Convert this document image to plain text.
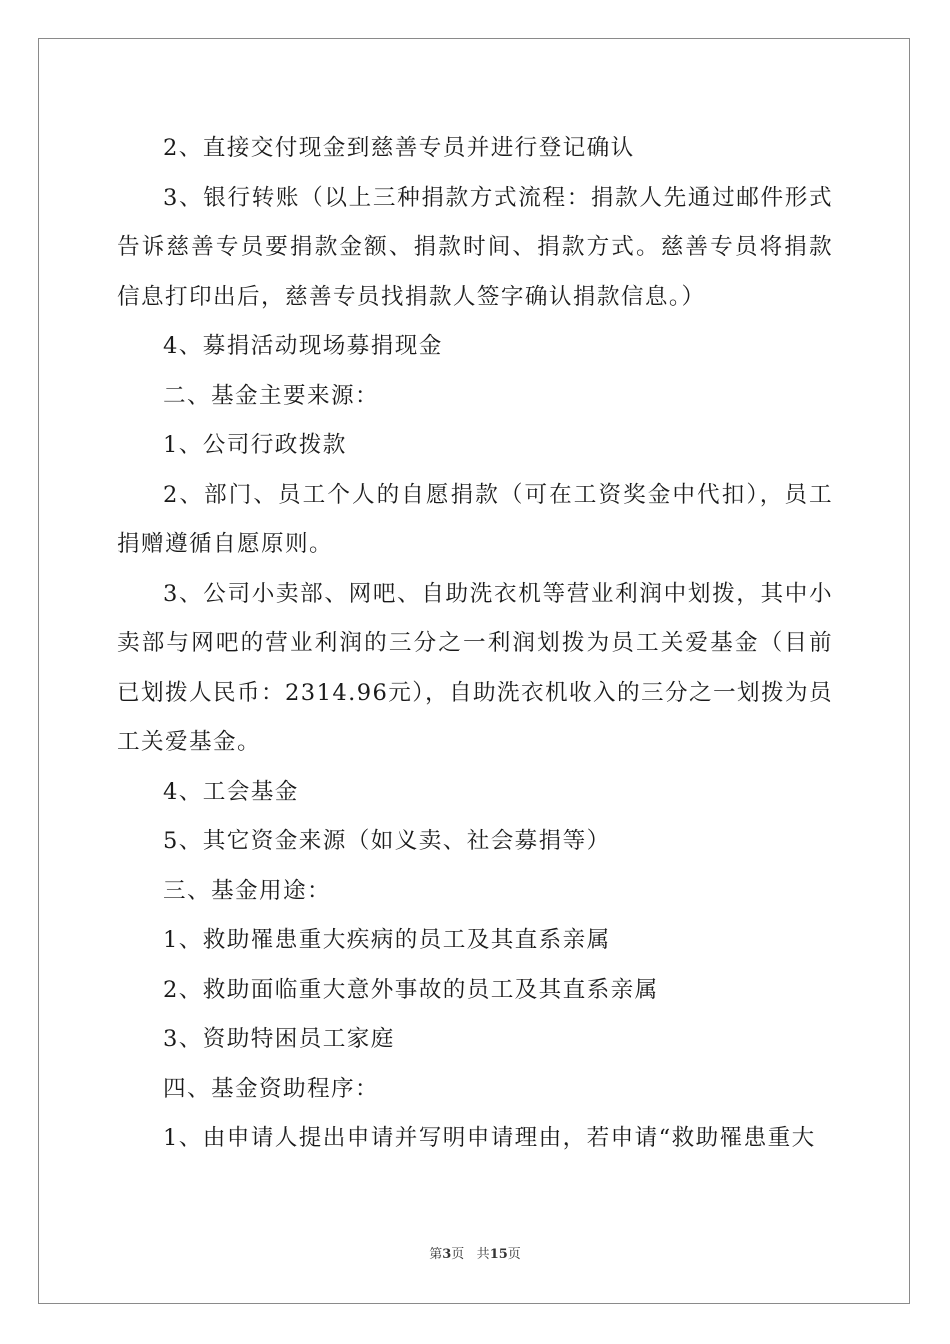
2、直接交付现金到慈善专员并进行登记确认

3、银行转账（以上三种捐款方式流程：捐款人先通过邮件形式告诉慈善专员要捐款金额、捐款时间、捐款方式。慈善专员将捐款信息打印出后，慈善专员找捐款人签字确认捐款信息。）

4、募捐活动现场募捐现金

二、基金主要来源：

1、公司行政拨款

2、部门、员工个人的自愿捐款（可在工资奖金中代扣），员工捐赠遵循自愿原则。

3、公司小卖部、网吧、自助洗衣机等营业利润中划拨，其中小卖部与网吧的营业利润的三分之一利润划拨为员工关爱基金（目前已划拨人民币：2314.96元），自助洗衣机收入的三分之一划拨为员工关爱基金。

4、工会基金

5、其它资金来源（如义卖、社会募捐等）

三、基金用途：

1、救助罹患重大疾病的员工及其直系亲属

2、救助面临重大意外事故的员工及其直系亲属

3、资助特困员工家庭

四、基金资助程序：

1、由申请人提出申请并写明申请理由，若申请“救助罹患重大

第3页 共15页
